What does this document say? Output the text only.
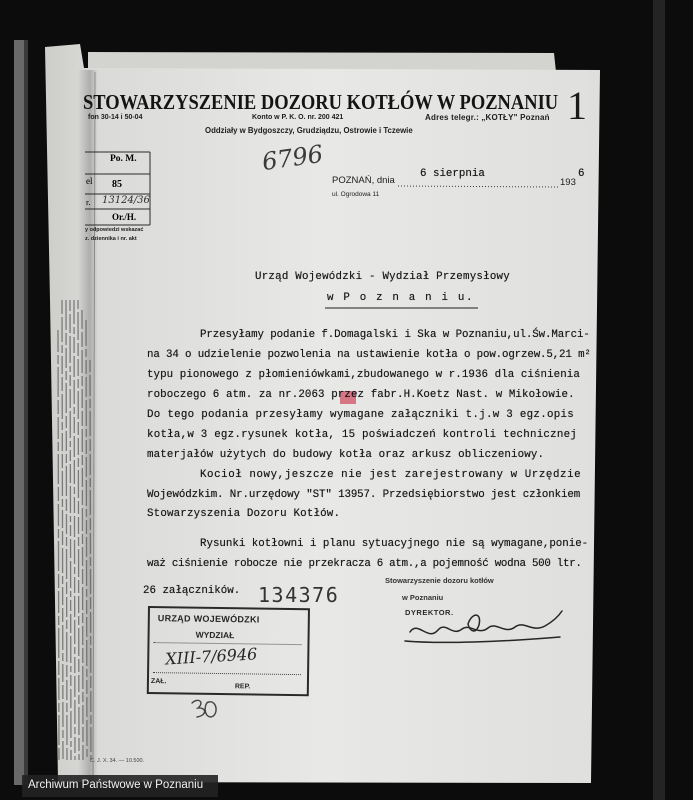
STOWARZYSZENIE DOZORU KOTŁÓW W POZNANIU 1
fon 30-14 i 50-04	Konto w P. K. O. nr. 200 421	Adres telegr.: „KOTŁY" Poznań
Oddziały w Bydgoszczy, Grudziądzu, Ostrowie i Tczewie
Po. M.
el 85
r. 13124/36
Or./H.
y odpowiedzi wskazać
z. dziennika i nr. akt
6796
POZNAŃ, dnia
6 sierpnia
193
6
ul. Ogrodowa 11
Urząd Wojewódzki - Wydział Przemysłowy
w P o z n a n i u.
Przesyłamy podanie f.Domagalski i Ska w Poznaniu,ul.Św.Marci-
na 34 o udzielenie pozwolenia na ustawienie kotła o pow.ogrzew.5,21 m²
typu pionowego z płomieniówkami,zbudowanego w r.1936 dla ciśnienia
roboczego 6 atm. za nr.2063 przez fabr.H.Koetz Nast. w Mikołowie.
Do tego podania przesyłamy wymagane załączniki t.j.w 3 egz.opis
kotła,w 3 egz.rysunek kotła, 15 poświadczeń kontroli technicznej
materjałów użytych do budowy kotła oraz arkusz obliczeniowy.
Kocioł nowy,jeszcze nie jest zarejestrowany w Urzędzie
Wojewódzkim. Nr.urzędowy "ST" 13957. Przedsiębiorstwo jest członkiem
Stowarzyszenia Dozoru Kotłów.
Rysunki kotłowni i planu sytuacyjnego nie są wymagane,ponie-
waż ciśnienie robocze nie przekracza 6 atm.,a pojemność wodna 500 ltr.
26 załączników. 134376
Stowarzyszenie dozoru kotłów
w Poznaniu
DYREKTOR.
URZĄD WOJEWÓDZKI
WYDZIAŁ
XIII-7/6946
ZAŁ.
REP.
C. J. X. 34. — 10.500.
Archiwum Państwowe w Poznaniu
